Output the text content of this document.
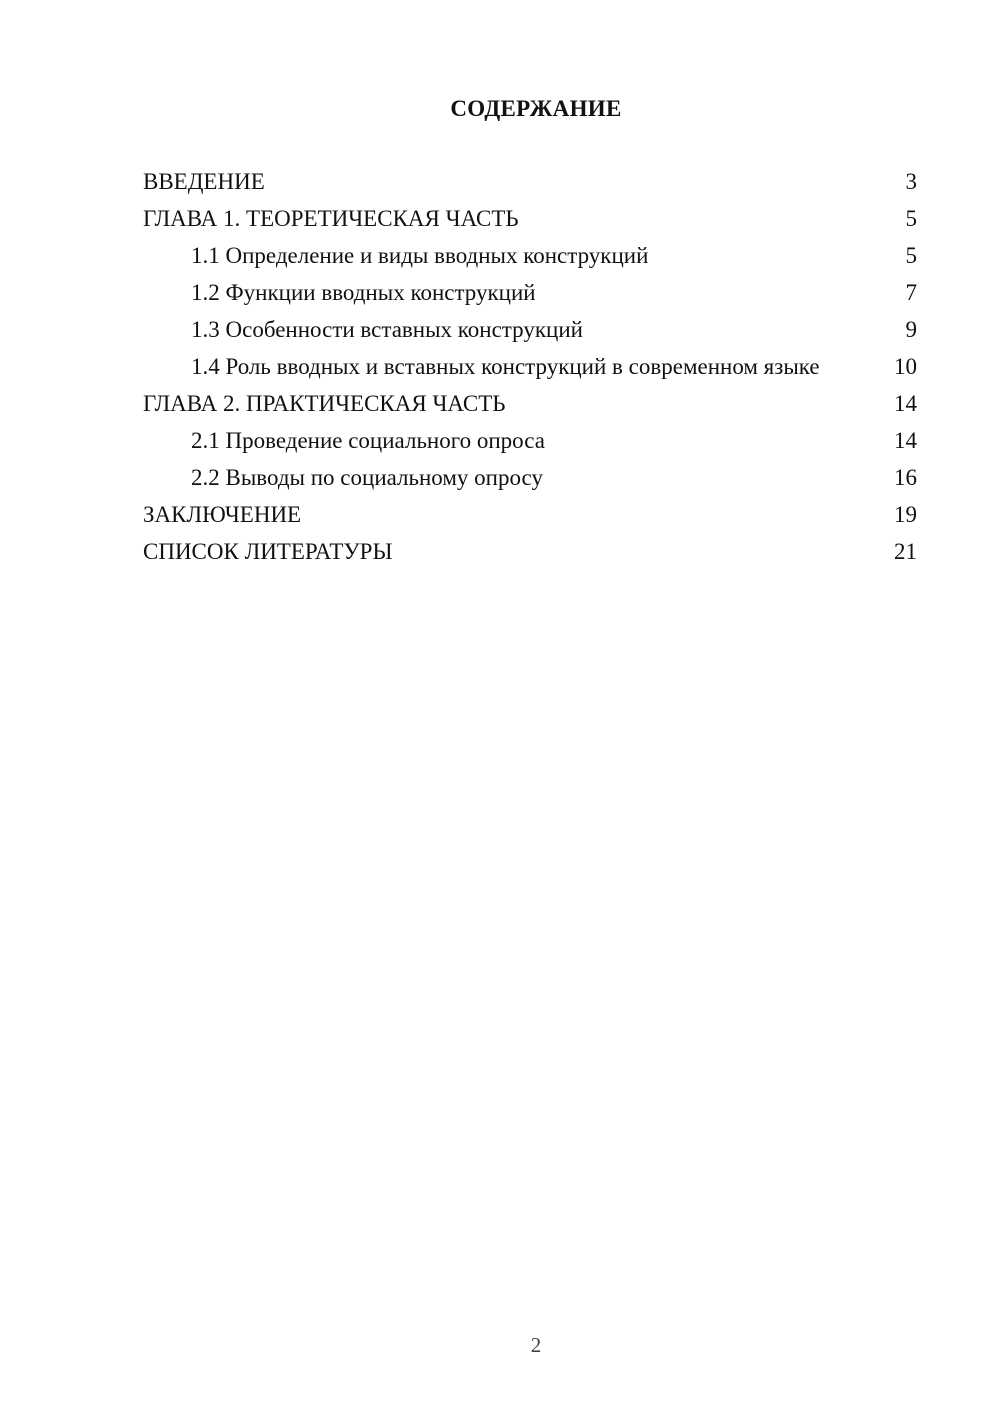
СОДЕРЖАНИЕ
ВВЕДЕНИЕ	3
ГЛАВА 1. ТЕОРЕТИЧЕСКАЯ ЧАСТЬ	5
1.1 Определение и виды вводных конструкций	5
1.2 Функции вводных конструкций	7
1.3 Особенности вставных конструкций	9
1.4 Роль вводных и вставных конструкций в современном языке	10
ГЛАВА 2. ПРАКТИЧЕСКАЯ ЧАСТЬ	14
2.1 Проведение социального опроса	14
2.2 Выводы по социальному опросу	16
ЗАКЛЮЧЕНИЕ	19
СПИСОК ЛИТЕРАТУРЫ	21
2
